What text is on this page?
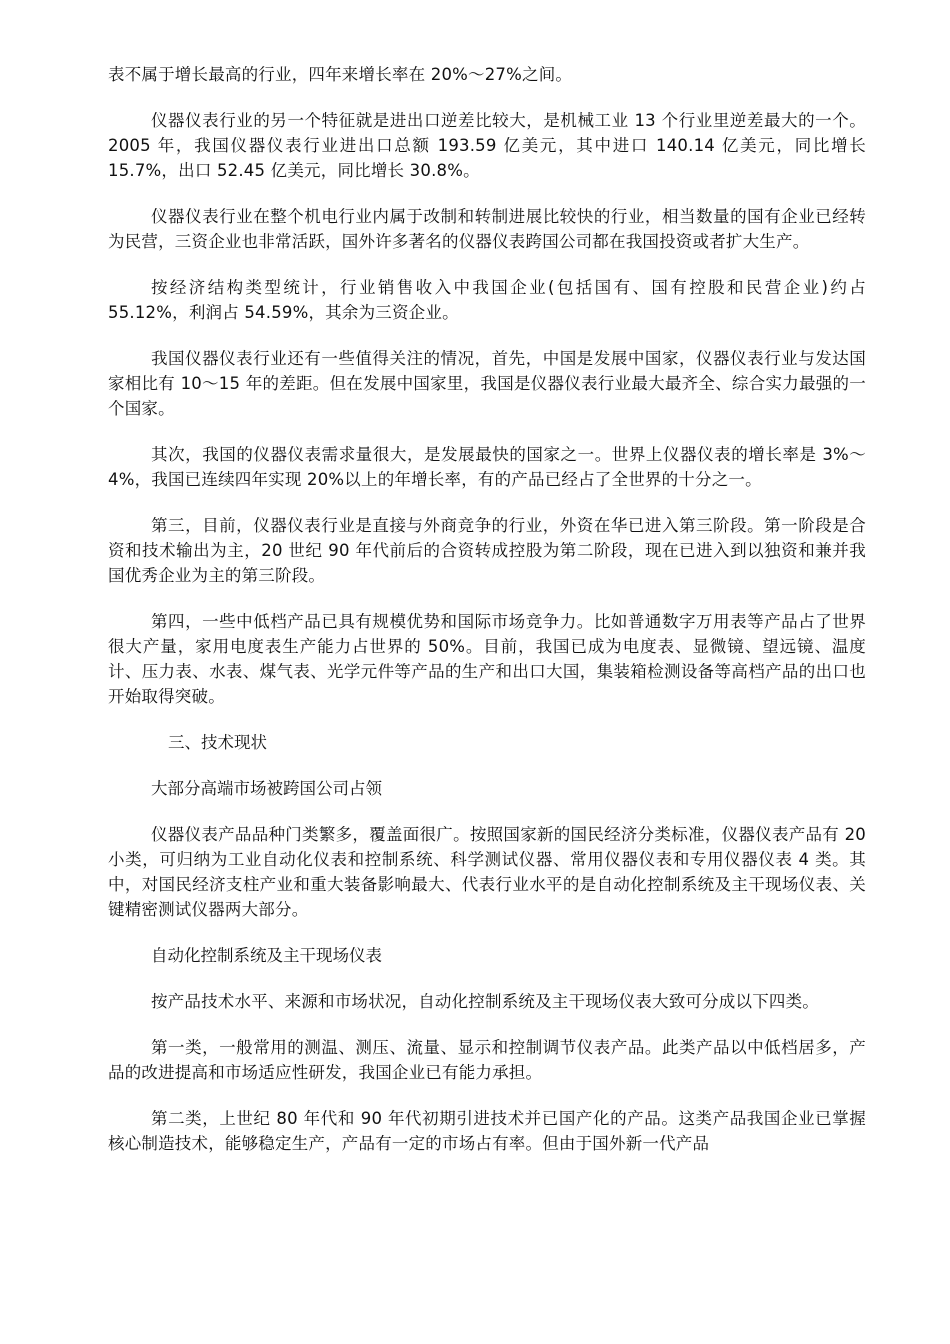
表不属于增长最高的行业，四年来增长率在 20%～27%之间。

仪器仪表行业的另一个特征就是进出口逆差比较大，是机械工业 13 个行业里逆差最大的一个。2005 年，我国仪器仪表行业进出口总额 193.59 亿美元，其中进口 140.14 亿美元，同比增长 15.7%，出口 52.45 亿美元，同比增长 30.8%。

仪器仪表行业在整个机电行业内属于改制和转制进展比较快的行业，相当数量的国有企业已经转为民营，三资企业也非常活跃，国外许多著名的仪器仪表跨国公司都在我国投资或者扩大生产。

按经济结构类型统计，行业销售收入中我国企业(包括国有、国有控股和民营企业)约占 55.12%，利润占 54.59%，其余为三资企业。

我国仪器仪表行业还有一些值得关注的情况，首先，中国是发展中国家，仪器仪表行业与发达国家相比有 10～15 年的差距。但在发展中国家里，我国是仪器仪表行业最大最齐全、综合实力最强的一个国家。

其次，我国的仪器仪表需求量很大，是发展最快的国家之一。世界上仪器仪表的增长率是 3%～4%，我国已连续四年实现 20%以上的年增长率，有的产品已经占了全世界的十分之一。

第三，目前，仪器仪表行业是直接与外商竞争的行业，外资在华已进入第三阶段。第一阶段是合资和技术输出为主，20 世纪 90 年代前后的合资转成控股为第二阶段，现在已进入到以独资和兼并我国优秀企业为主的第三阶段。

第四，一些中低档产品已具有规模优势和国际市场竞争力。比如普通数字万用表等产品占了世界很大产量，家用电度表生产能力占世界的 50%。目前，我国已成为电度表、显微镜、望远镜、温度计、压力表、水表、煤气表、光学元件等产品的生产和出口大国，集装箱检测设备等高档产品的出口也开始取得突破。

三、技术现状

大部分高端市场被跨国公司占领

仪器仪表产品品种门类繁多，覆盖面很广。按照国家新的国民经济分类标准，仪器仪表产品有 20 小类，可归纳为工业自动化仪表和控制系统、科学测试仪器、常用仪器仪表和专用仪器仪表 4 类。其中，对国民经济支柱产业和重大装备影响最大、代表行业水平的是自动化控制系统及主干现场仪表、关键精密测试仪器两大部分。

自动化控制系统及主干现场仪表

按产品技术水平、来源和市场状况，自动化控制系统及主干现场仪表大致可分成以下四类。

第一类，一般常用的测温、测压、流量、显示和控制调节仪表产品。此类产品以中低档居多，产品的改进提高和市场适应性研发，我国企业已有能力承担。

第二类，上世纪 80 年代和 90 年代初期引进技术并已国产化的产品。这类产品我国企业已掌握核心制造技术，能够稳定生产，产品有一定的市场占有率。但由于国外新一代产品
